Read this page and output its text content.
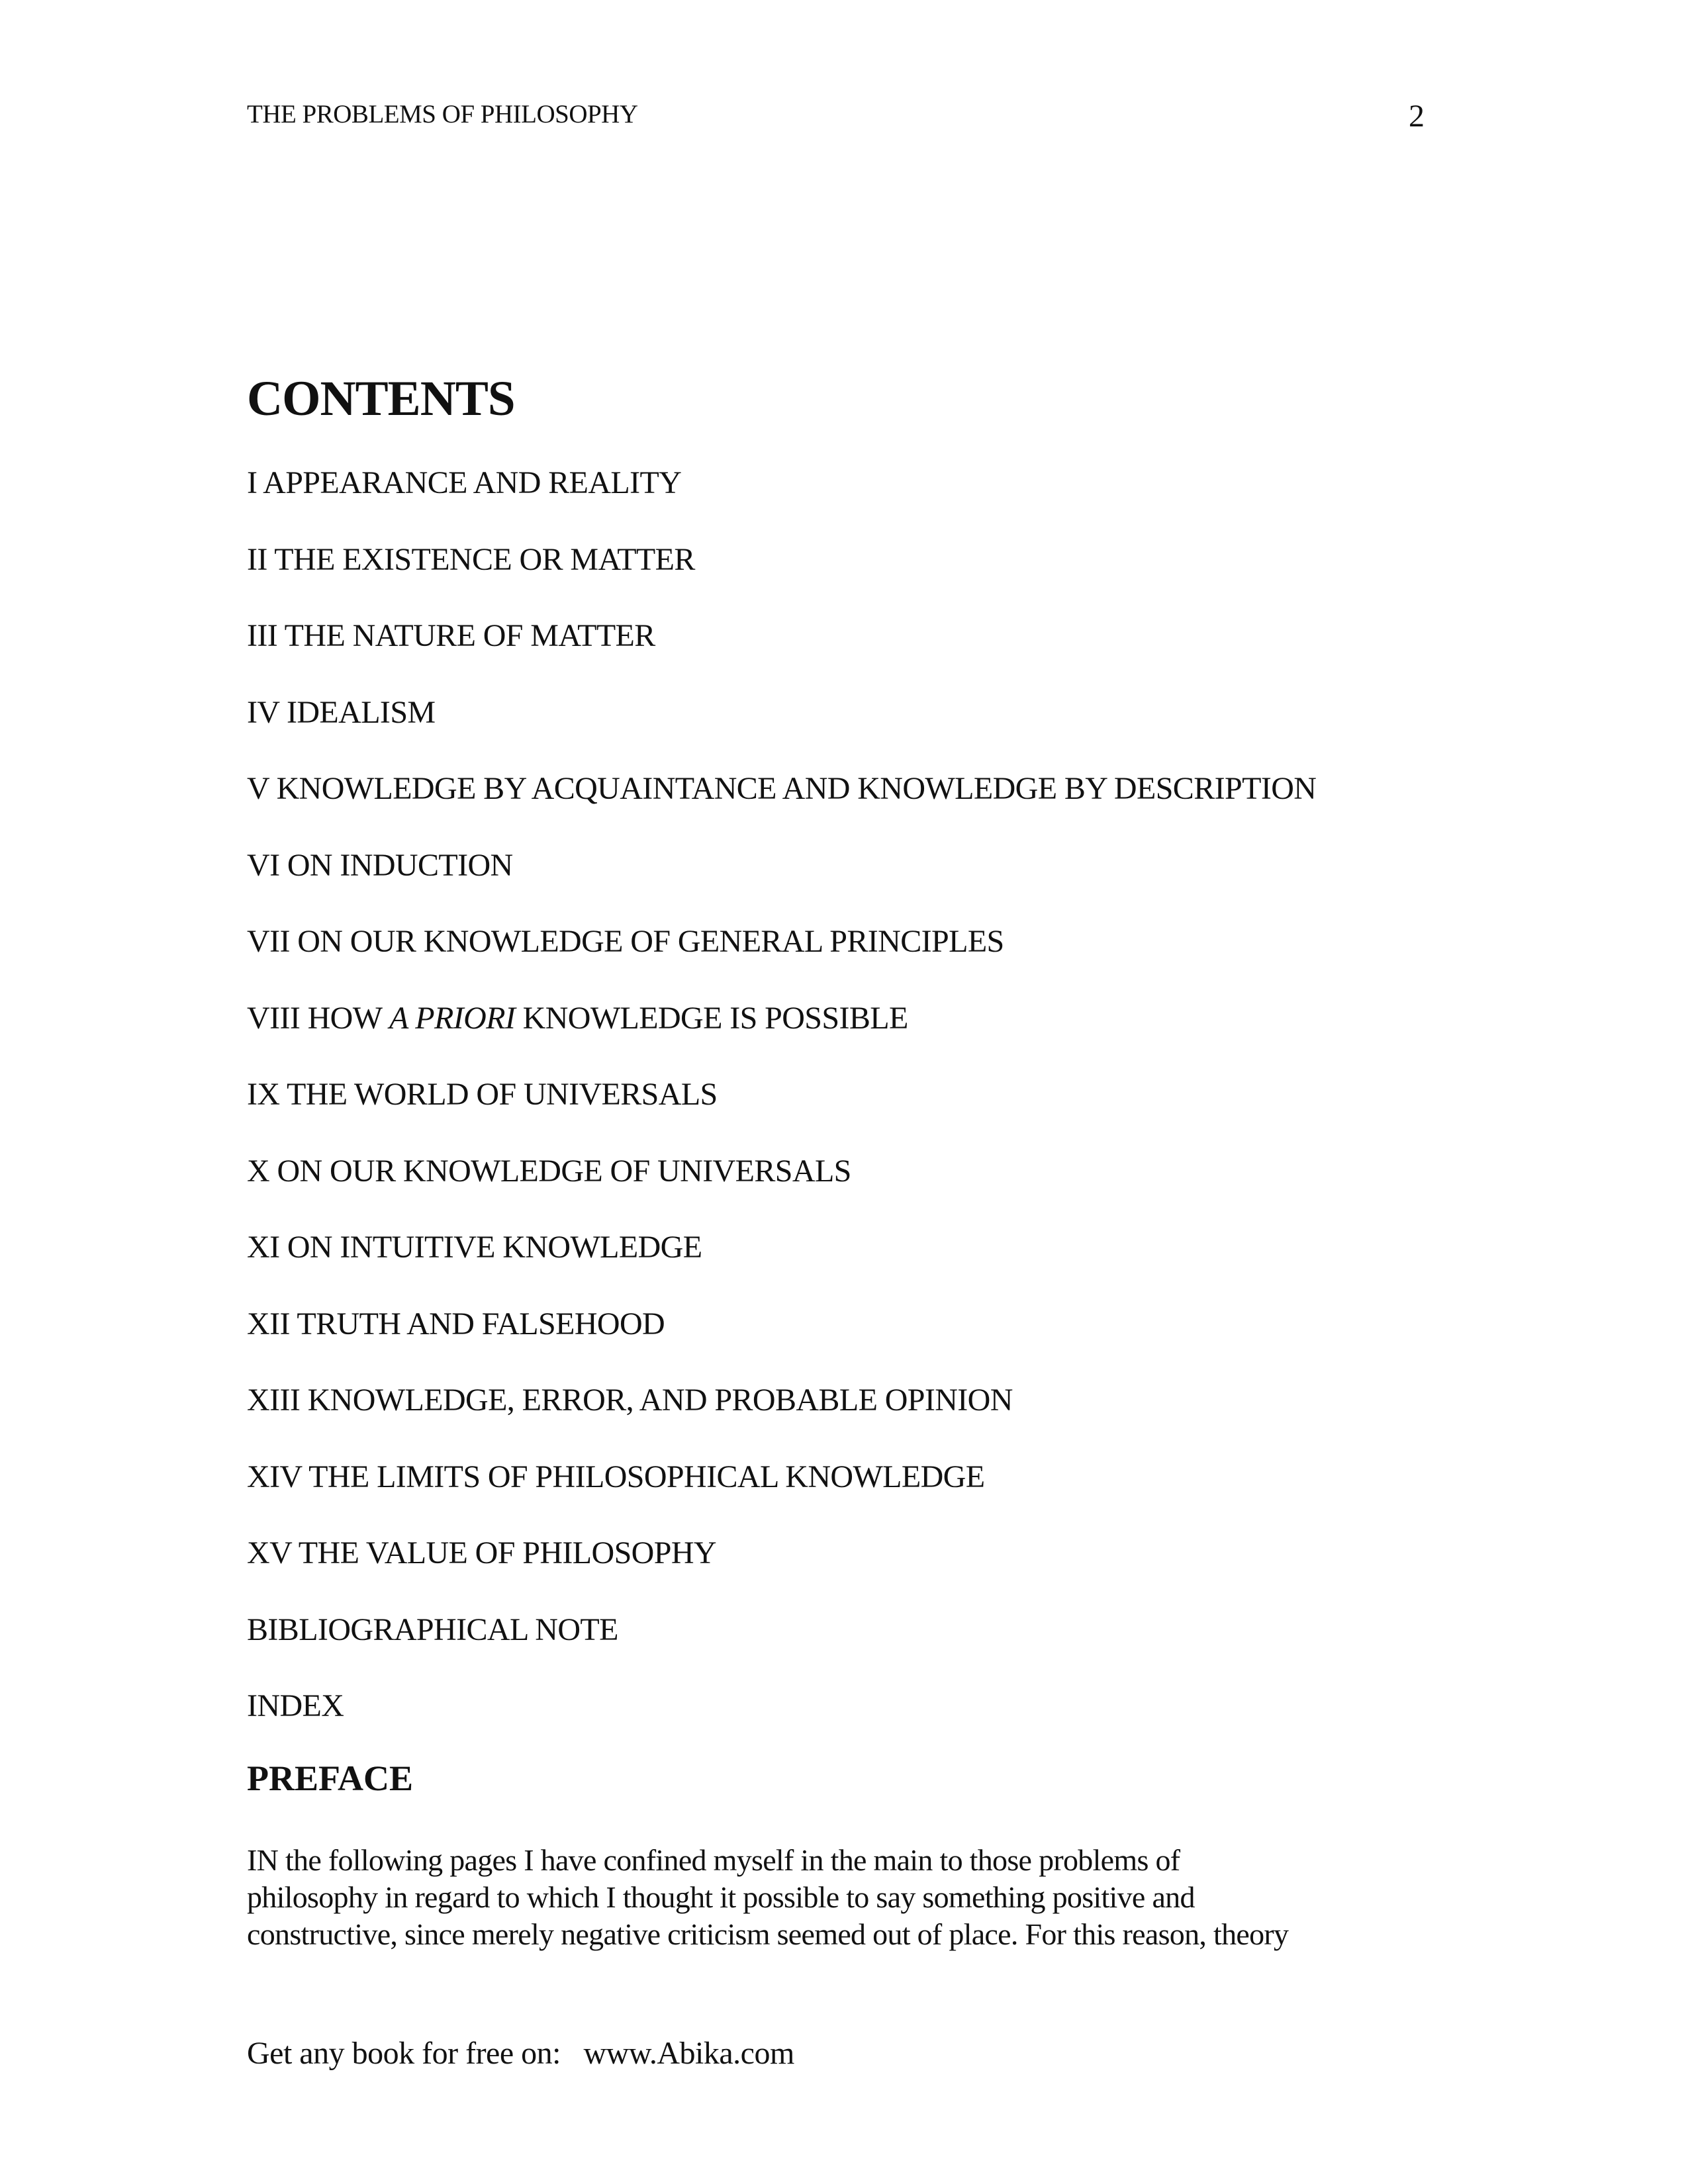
THE PROBLEMS OF PHILOSOPHY	2
CONTENTS
I APPEARANCE AND REALITY
II THE EXISTENCE OR MATTER
III THE NATURE OF MATTER
IV IDEALISM
V KNOWLEDGE BY ACQUAINTANCE AND KNOWLEDGE BY DESCRIPTION
VI ON INDUCTION
VII ON OUR KNOWLEDGE OF GENERAL PRINCIPLES
VIII HOW A PRIORI KNOWLEDGE IS POSSIBLE
IX THE WORLD OF UNIVERSALS
X ON OUR KNOWLEDGE OF UNIVERSALS
XI ON INTUITIVE KNOWLEDGE
XII TRUTH AND FALSEHOOD
XIII KNOWLEDGE, ERROR, AND PROBABLE OPINION
XIV THE LIMITS OF PHILOSOPHICAL KNOWLEDGE
XV THE VALUE OF PHILOSOPHY
BIBLIOGRAPHICAL NOTE
INDEX
PREFACE

IN the following pages I have confined myself in the main to those problems of
philosophy in regard to which I thought it possible to say something positive and
constructive, since merely negative criticism seemed out of place. For this reason, theory

Get any book for free on:   www.Abika.com
